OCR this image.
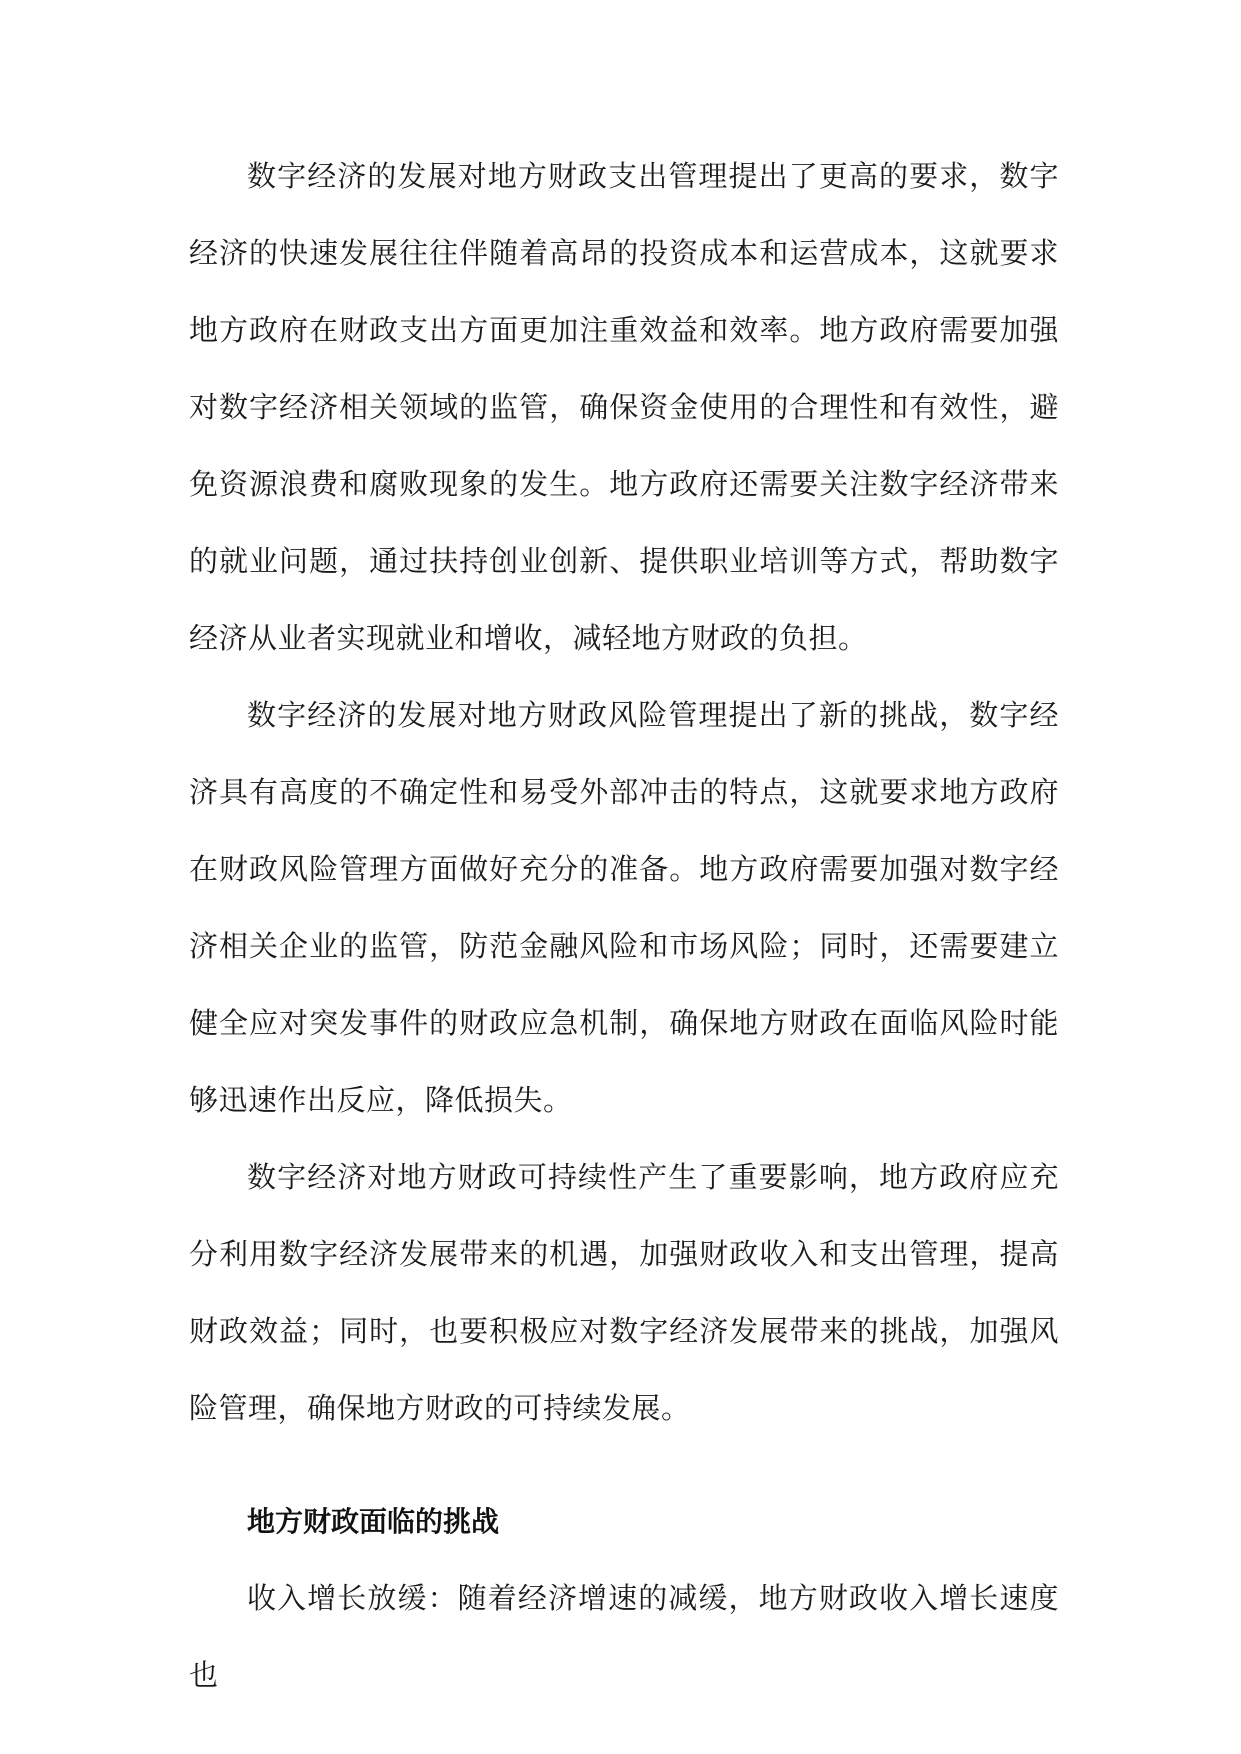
数字经济的发展对地方财政支出管理提出了更高的要求，数字经济的快速发展往往伴随着高昂的投资成本和运营成本，这就要求地方政府在财政支出方面更加注重效益和效率。地方政府需要加强对数字经济相关领域的监管，确保资金使用的合理性和有效性，避免资源浪费和腐败现象的发生。地方政府还需要关注数字经济带来的就业问题，通过扶持创业创新、提供职业培训等方式，帮助数字经济从业者实现就业和增收，减轻地方财政的负担。

数字经济的发展对地方财政风险管理提出了新的挑战，数字经济具有高度的不确定性和易受外部冲击的特点，这就要求地方政府在财政风险管理方面做好充分的准备。地方政府需要加强对数字经济相关企业的监管，防范金融风险和市场风险；同时，还需要建立健全应对突发事件的财政应急机制，确保地方财政在面临风险时能够迅速作出反应，降低损失。

数字经济对地方财政可持续性产生了重要影响，地方政府应充分利用数字经济发展带来的机遇，加强财政收入和支出管理，提高财政效益；同时，也要积极应对数字经济发展带来的挑战，加强风险管理，确保地方财政的可持续发展。

地方财政面临的挑战

收入增长放缓：随着经济增速的减缓，地方财政收入增长速度也
